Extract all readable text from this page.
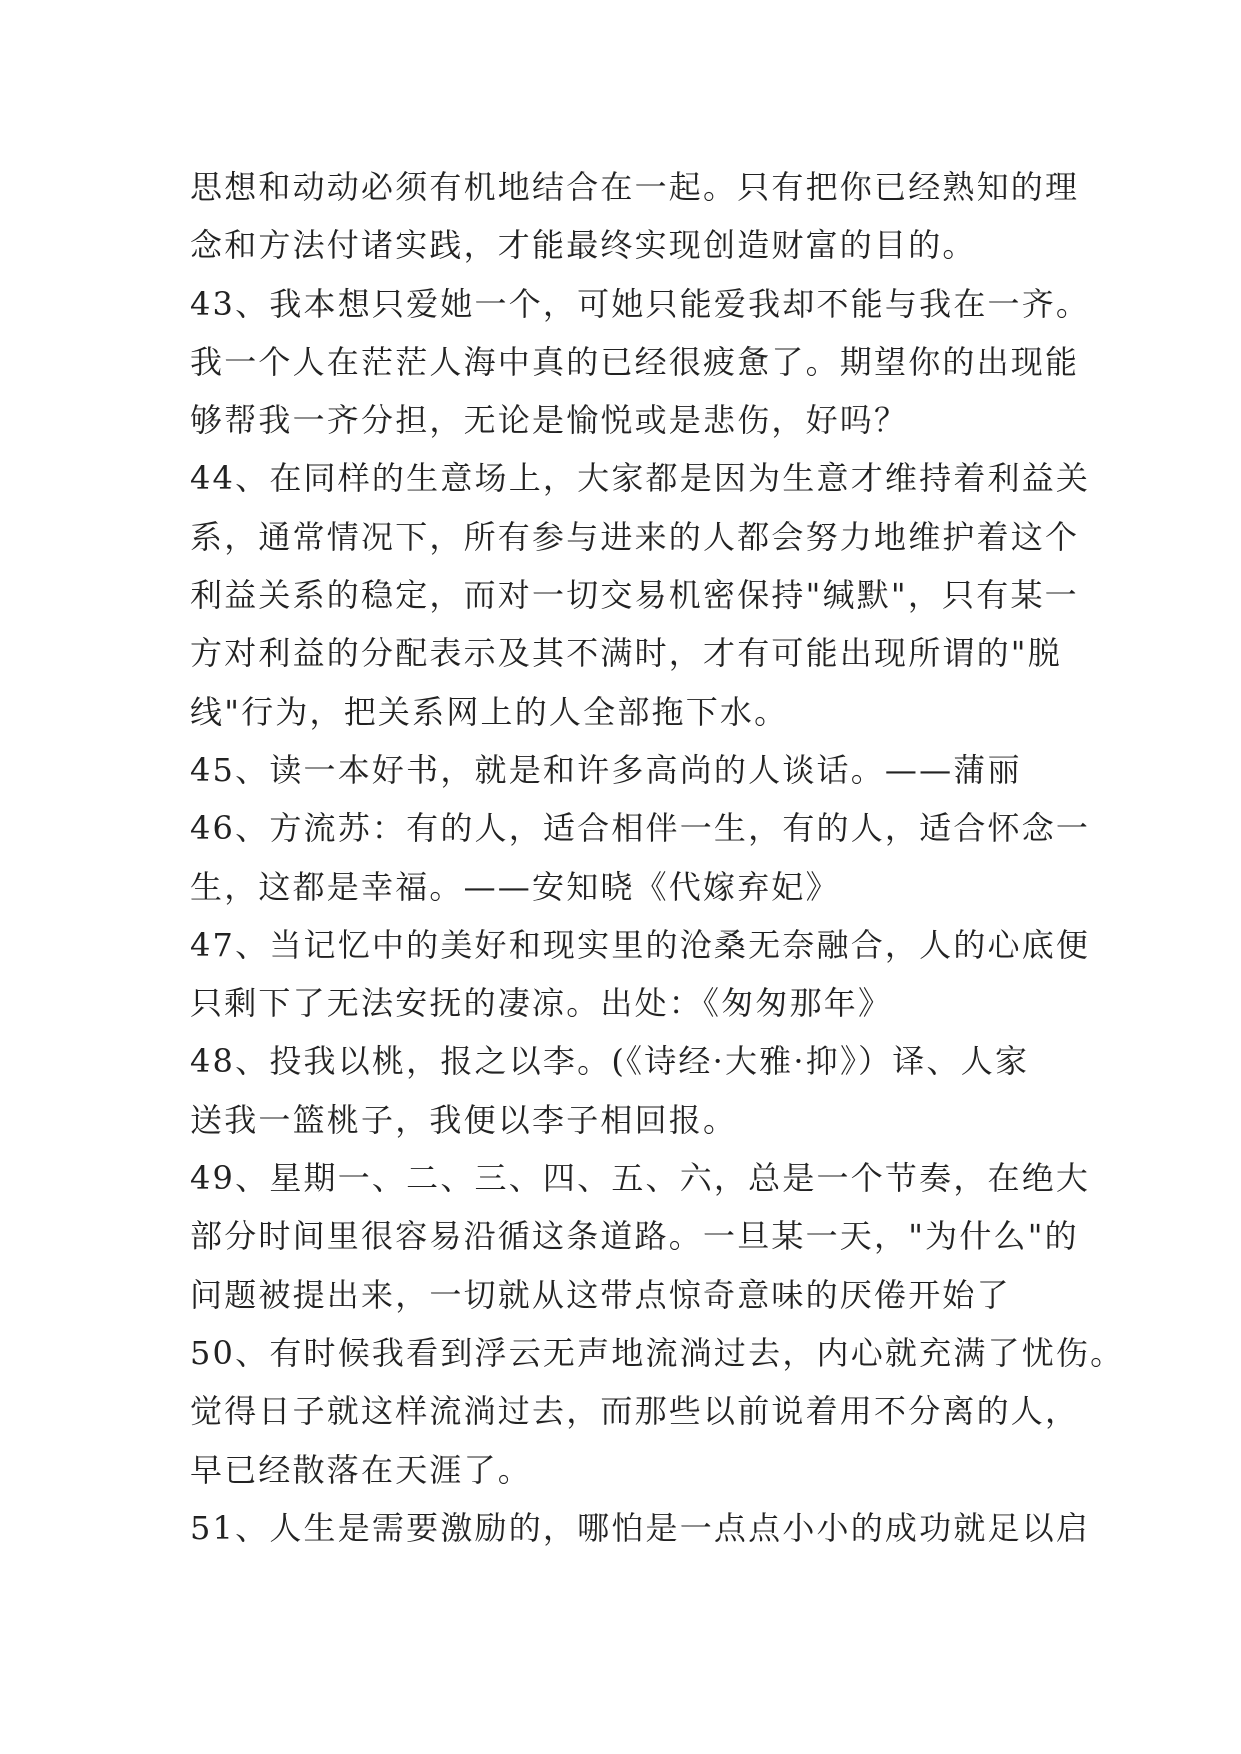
思想和动动必须有机地结合在一起。只有把你已经熟知的理
念和方法付诸实践，才能最终实现创造财富的目的。
43、我本想只爱她一个，可她只能爱我却不能与我在一齐。
我一个人在茫茫人海中真的已经很疲惫了。期望你的出现能
够帮我一齐分担，无论是愉悦或是悲伤，好吗？
44、在同样的生意场上，大家都是因为生意才维持着利益关
系，通常情况下，所有参与进来的人都会努力地维护着这个
利益关系的稳定，而对一切交易机密保持"缄默"，只有某一
方对利益的分配表示及其不满时，才有可能出现所谓的"脱
线"行为，把关系网上的人全部拖下水。
45、读一本好书，就是和许多高尚的人谈话。——蒲丽
46、方流苏：有的人，适合相伴一生，有的人，适合怀念一
生，这都是幸福。——安知晓《代嫁弃妃》
47、当记忆中的美好和现实里的沧桑无奈融合，人的心底便
只剩下了无法安抚的凄凉。出处：《匆匆那年》
48、投我以桃，报之以李。(《诗经·大雅·抑》）译、人家
送我一篮桃子，我便以李子相回报。
49、星期一、二、三、四、五、六，总是一个节奏，在绝大
部分时间里很容易沿循这条道路。一旦某一天，"为什么"的
问题被提出来，一切就从这带点惊奇意味的厌倦开始了
50、有时候我看到浮云无声地流淌过去，内心就充满了忧伤。
觉得日子就这样流淌过去，而那些以前说着用不分离的人，
早已经散落在天涯了。
51、人生是需要激励的，哪怕是一点点小小的成功就足以启
